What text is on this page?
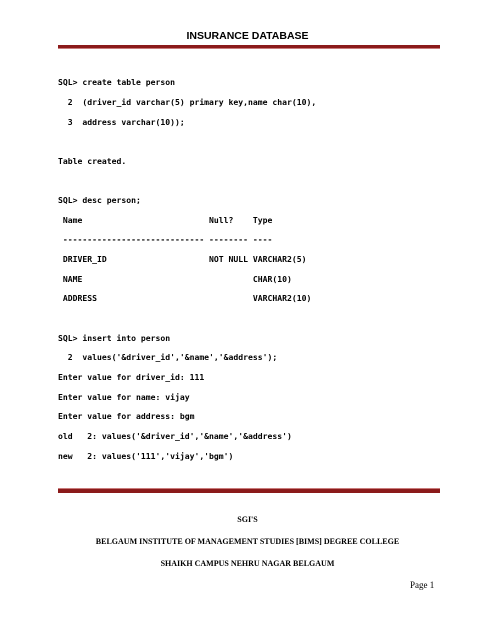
INSURANCE DATABASE
SQL> create table person
2  (driver_id varchar(5) primary key,name char(10),
3  address varchar(10));
Table created.
SQL> desc person;
Name                          Null?    Type
----------------------------- -------- ----
DRIVER_ID                     NOT NULL VARCHAR2(5)
NAME                                   CHAR(10)
ADDRESS                                VARCHAR2(10)
SQL> insert into person
2  values('&driver_id','&name','&address');
Enter value for driver_id: 111
Enter value for name: vijay
Enter value for address: bgm
old   2: values('&driver_id','&name','&address')
new   2: values('111','vijay','bgm')
SGI'S
BELGAUM INSTITUTE OF MANAGEMENT STUDIES [BIMS] DEGREE COLLEGE
SHAIKH CAMPUS NEHRU NAGAR BELGAUM
Page 1
